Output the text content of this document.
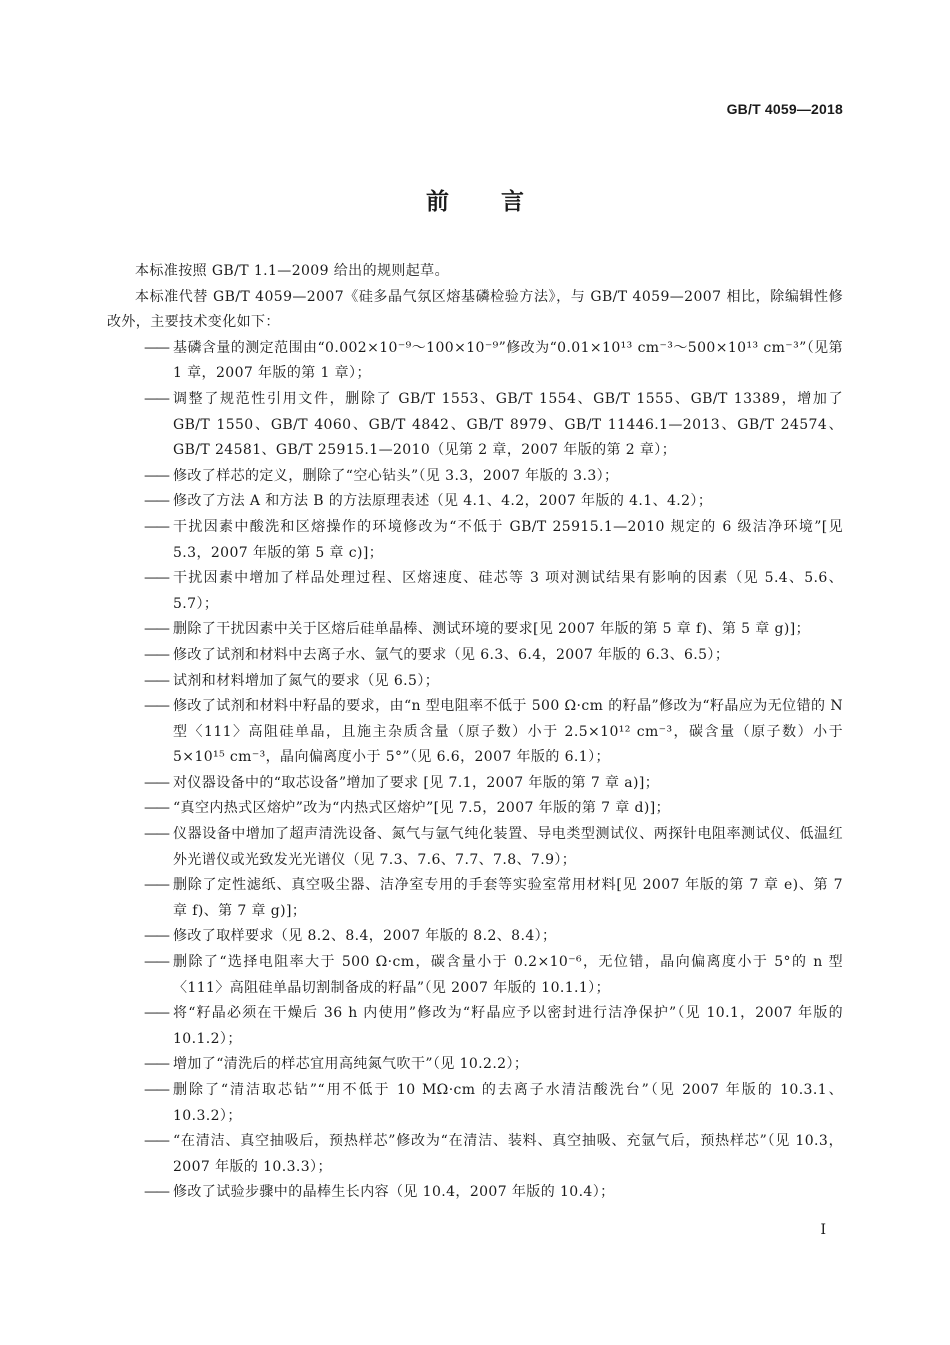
GB/T 4059—2018
前 言

本标准按照 GB/T 1.1—2009 给出的规则起草。

本标准代替 GB/T 4059—2007《硅多晶气氛区熔基磷检验方法》，与 GB/T 4059—2007 相比，除编辑性修改外，主要技术变化如下：

—— 基磷含量的测定范围由“0.002×10⁻⁹～100×10⁻⁹”修改为“0.01×10¹³ cm⁻³～500×10¹³ cm⁻³”（见第 1 章，2007 年版的第 1 章）；
—— 调整了规范性引用文件，删除了 GB/T 1553、GB/T 1554、GB/T 1555、GB/T 13389，增加了 GB/T 1550、GB/T 4060、GB/T 4842、GB/T 8979、GB/T 11446.1—2013、GB/T 24574、GB/T 24581、GB/T 25915.1—2010（见第 2 章，2007 年版的第 2 章）；
—— 修改了样芯的定义，删除了“空心钻头”（见 3.3，2007 年版的 3.3）；
—— 修改了方法 A 和方法 B 的方法原理表述（见 4.1、4.2，2007 年版的 4.1、4.2）；
—— 干扰因素中酸洗和区熔操作的环境修改为“不低于 GB/T 25915.1—2010 规定的 6 级洁净环境”[见 5.3，2007 年版的第 5 章 c)]；
—— 干扰因素中增加了样品处理过程、区熔速度、硅芯等 3 项对测试结果有影响的因素（见 5.4、5.6、5.7）；
—— 删除了干扰因素中关于区熔后硅单晶棒、测试环境的要求[见 2007 年版的第 5 章 f)、第 5 章 g)]；
—— 修改了试剂和材料中去离子水、氩气的要求（见 6.3、6.4，2007 年版的 6.3、6.5）；
—— 试剂和材料增加了氮气的要求（见 6.5）；
—— 修改了试剂和材料中籽晶的要求，由“n 型电阻率不低于 500 Ω·cm 的籽晶”修改为“籽晶应为无位错的 N 型〈111〉高阻硅单晶，且施主杂质含量（原子数）小于 2.5×10¹² cm⁻³，碳含量（原子数）小于 5×10¹⁵ cm⁻³，晶向偏离度小于 5°”（见 6.6，2007 年版的 6.1）；
—— 对仪器设备中的“取芯设备”增加了要求 [见 7.1，2007 年版的第 7 章 a)]；
—— “真空内热式区熔炉”改为“内热式区熔炉”[见 7.5，2007 年版的第 7 章 d)]；
—— 仪器设备中增加了超声清洗设备、氮气与氩气纯化装置、导电类型测试仪、两探针电阻率测试仪、低温红外光谱仪或光致发光光谱仪（见 7.3、7.6、7.7、7.8、7.9）；
—— 删除了定性滤纸、真空吸尘器、洁净室专用的手套等实验室常用材料[见 2007 年版的第 7 章 e)、第 7 章 f)、第 7 章 g)]；
—— 修改了取样要求（见 8.2、8.4，2007 年版的 8.2、8.4）；
—— 删除了“选择电阻率大于 500 Ω·cm，碳含量小于 0.2×10⁻⁶，无位错，晶向偏离度小于 5°的 n 型〈111〉高阻硅单晶切割制备成的籽晶”（见 2007 年版的 10.1.1）；
—— 将“籽晶必须在干燥后 36 h 内使用”修改为“籽晶应予以密封进行洁净保护”（见 10.1，2007 年版的 10.1.2）；
—— 增加了“清洗后的样芯宜用高纯氮气吹干”（见 10.2.2）；
—— 删除了“清洁取芯钻”“用不低于 10 MΩ·cm 的去离子水清洁酸洗台”（见 2007 年版的 10.3.1、10.3.2）；
—— “在清洁、真空抽吸后，预热样芯”修改为“在清洁、装料、真空抽吸、充氩气后，预热样芯”（见 10.3，2007 年版的 10.3.3）；
—— 修改了试验步骤中的晶棒生长内容（见 10.4，2007 年版的 10.4）；
I
